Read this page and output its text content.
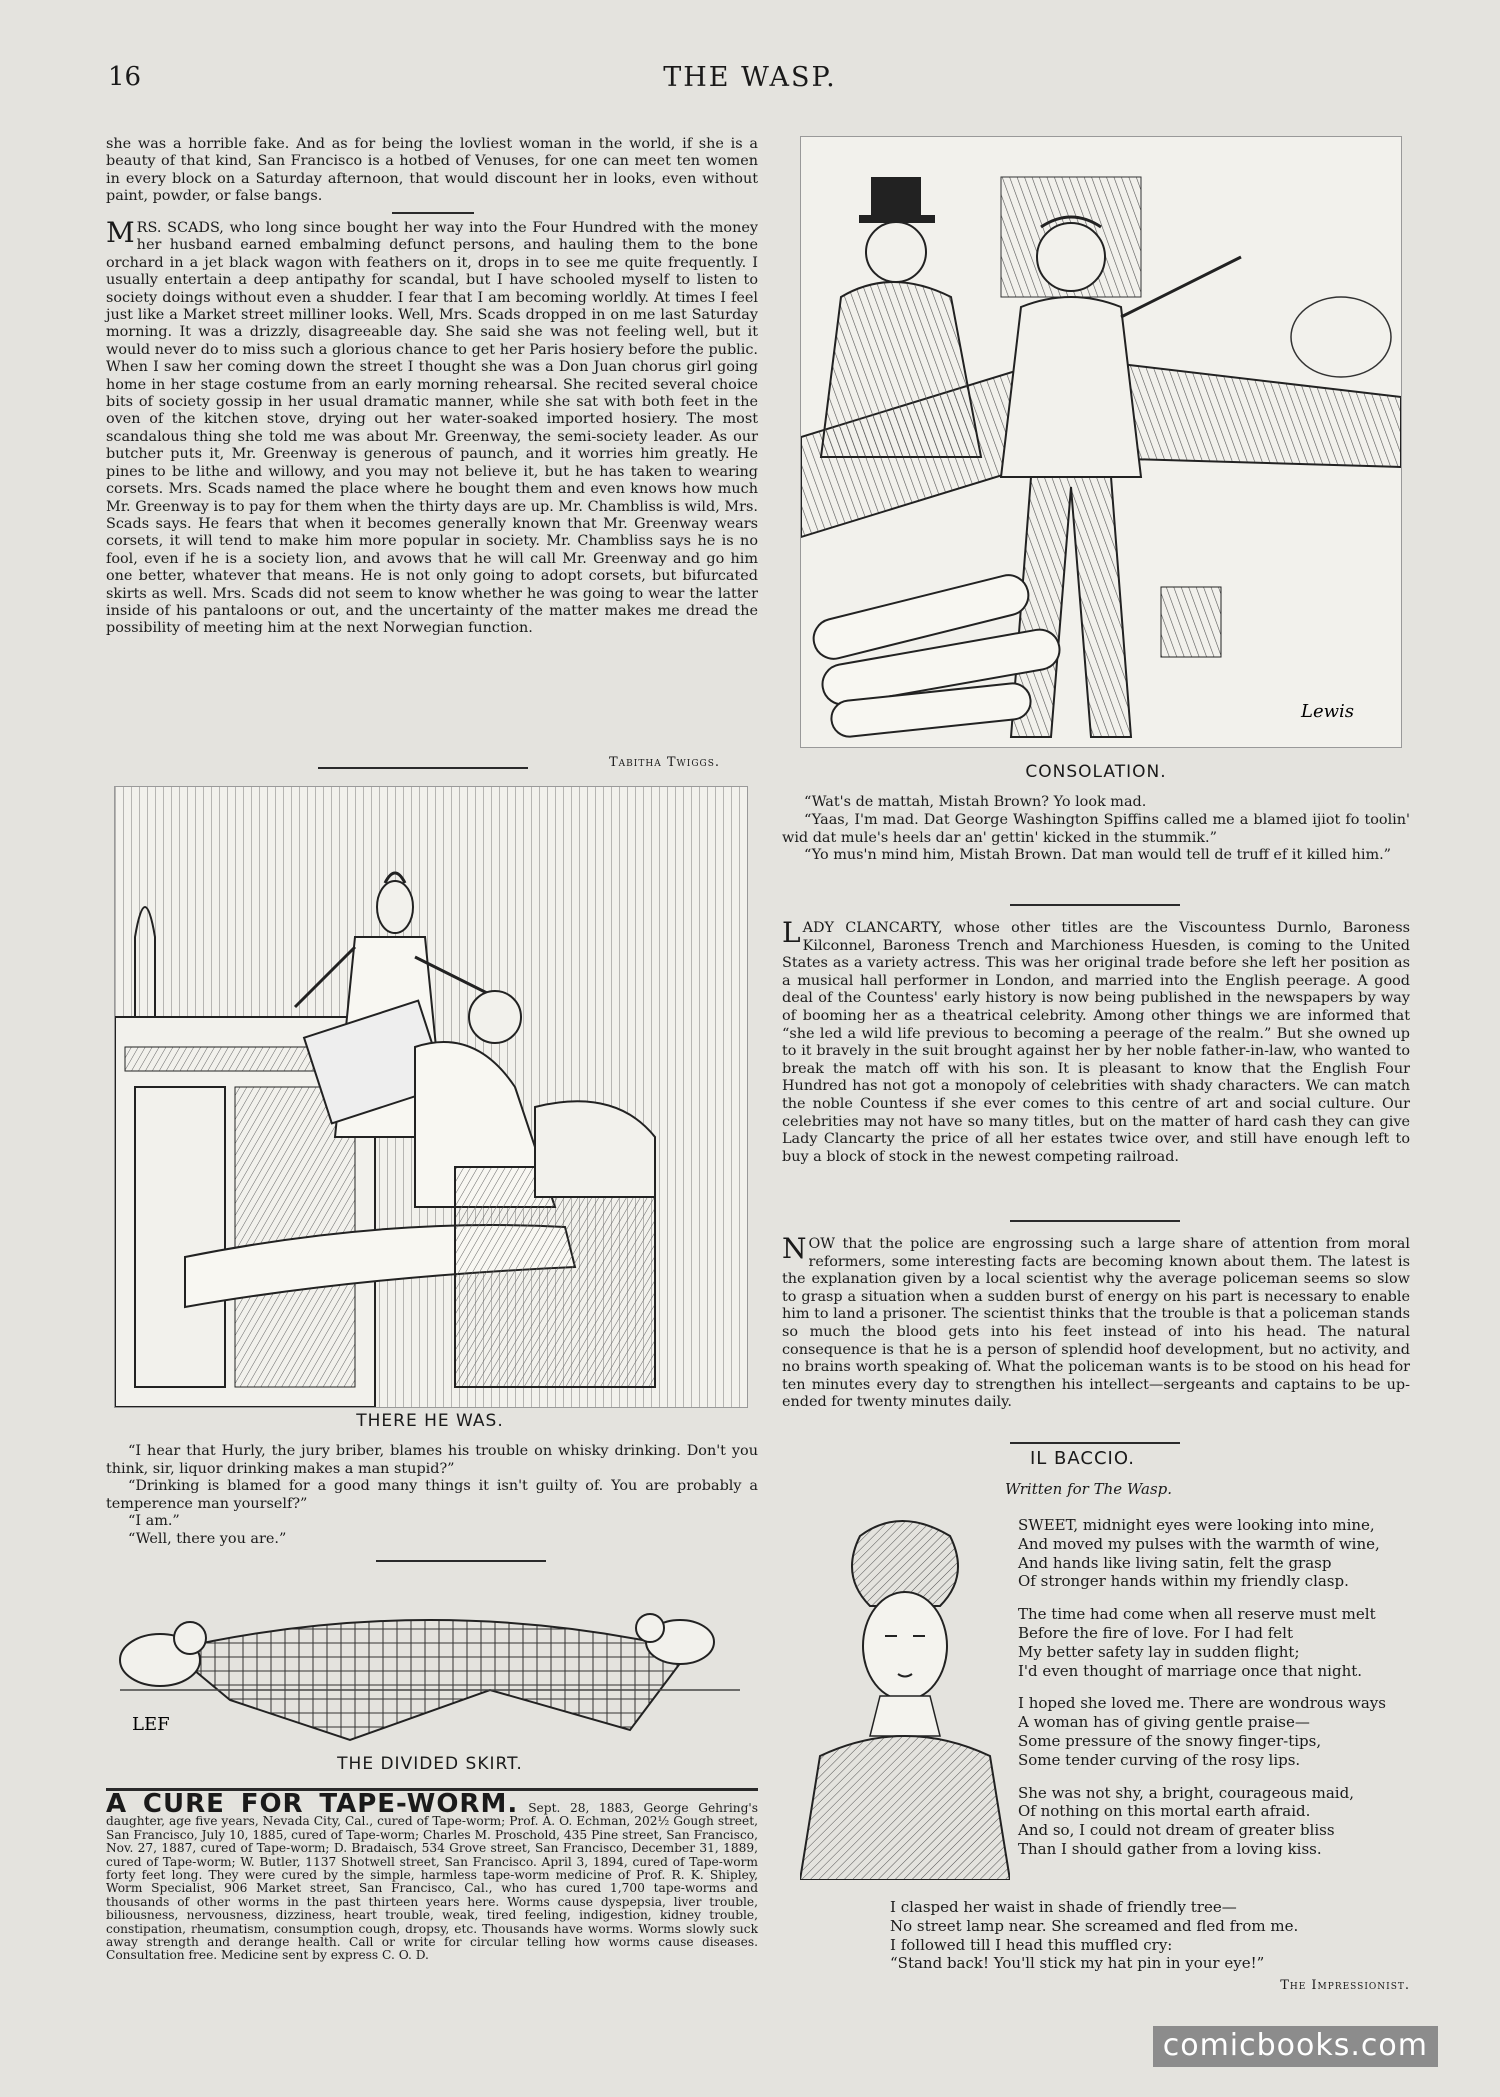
16	THE WASP.

she was a horrible fake. And as for being the lovliest woman in the world, if she is a beauty of that kind, San Francisco is a hotbed of Venuses, for one can meet ten women in every block on a Saturday afternoon, that would discount her in looks, even without paint, powder, or false bangs.

MRS. SCADS, who long since bought her way into the Four Hundred with the money her husband earned embalming defunct persons, and hauling them to the bone orchard in a jet black wagon with feathers on it, drops in to see me quite frequently. I usually entertain a deep antipathy for scandal, but I have schooled myself to listen to society doings without even a shudder. I fear that I am becoming worldly. At times I feel just like a Market street milliner looks. Well, Mrs. Scads dropped in on me last Saturday morning. It was a drizzly, disagreeable day. She said she was not feeling well, but it would never do to miss such a glorious chance to get her Paris hosiery before the public. When I saw her coming down the street I thought she was a Don Juan chorus girl going home in her stage costume from an early morning rehearsal. She recited several choice bits of society gossip in her usual dramatic manner, while she sat with both feet in the oven of the kitchen stove, drying out her water-soaked imported hosiery. The most scandalous thing she told me was about Mr. Greenway, the semi-society leader. As our butcher puts it, Mr. Greenway is generous of paunch, and it worries him greatly. He pines to be lithe and willowy, and you may not believe it, but he has taken to wearing corsets. Mrs. Scads named the place where he bought them and even knows how much Mr. Greenway is to pay for them when the thirty days are up. Mr. Chambliss is wild, Mrs. Scads says. He fears that when it becomes generally known that Mr. Greenway wears corsets, it will tend to make him more popular in society. Mr. Chambliss says he is no fool, even if he is a society lion, and avows that he will call Mr. Greenway and go him one better, whatever that means. He is not only going to adopt corsets, but bifurcated skirts as well. Mrs. Scads did not seem to know whether he was going to wear the latter inside of his pantaloons or out, and the uncertainty of the matter makes me dread the possibility of meeting him at the next Norwegian function.

Tabitha Twiggs.
THERE HE WAS.

“I hear that Hurly, the jury briber, blames his trouble on whisky drinking. Don't you think, sir, liquor drinking makes a man stupid?”

“Drinking is blamed for a good many things it isn't guilty of. You are probably a temperence man yourself?”

“I am.”

“Well, there you are.”

LEF
THE DIVIDED SKIRT.
A CURE FOR TAPE-WORM. Sept. 28, 1883, George Gehring's daughter, age five years, Nevada City, Cal., cured of Tape-worm; Prof. A. O. Echman, 202½ Gough street, San Francisco, July 10, 1885, cured of Tape-worm; Charles M. Proschold, 435 Pine street, San Francisco, Nov. 27, 1887, cured of Tape-worm; D. Bradaisch, 534 Grove street, San Francisco, December 31, 1889, cured of Tape-worm; W. Butler, 1137 Shotwell street, San Francisco. April 3, 1894, cured of Tape-worm forty feet long. They were cured by the simple, harmless tape-worm medicine of Prof. R. K. Shipley, Worm Specialist, 906 Market street, San Francisco, Cal., who has cured 1,700 tape-worms and thousands of other worms in the past thirteen years here. Worms cause dyspepsia, liver trouble, biliousness, nervousness, dizziness, heart trouble, weak, tired feeling, indigestion, kidney trouble, constipation, rheumatism, consumption cough, dropsy, etc. Thousands have worms. Worms slowly suck away strength and derange health. Call or write for circular telling how worms cause diseases. Consultation free. Medicine sent by express C. O. D.
Lewis
CONSOLATION.

“Wat's de mattah, Mistah Brown? Yo look mad.

“Yaas, I'm mad. Dat George Washington Spiffins called me a blamed ijiot fo toolin' wid dat mule's heels dar an' gettin' kicked in the stummik.”

“Yo mus'n mind him, Mistah Brown. Dat man would tell de truff ef it killed him.”

LADY CLANCARTY, whose other titles are the Viscountess Durnlo, Baroness Kilconnel, Baroness Trench and Marchioness Huesden, is coming to the United States as a variety actress. This was her original trade before she left her position as a musical hall performer in London, and married into the English peerage. A good deal of the Countess' early history is now being published in the newspapers by way of booming her as a theatrical celebrity. Among other things we are informed that “she led a wild life previous to becoming a peerage of the realm.” But she owned up to it bravely in the suit brought against her by her noble father-in-law, who wanted to break the match off with his son. It is pleasant to know that the English Four Hundred has not got a monopoly of celebrities with shady characters. We can match the noble Countess if she ever comes to this centre of art and social culture. Our celebrities may not have so many titles, but on the matter of hard cash they can give Lady Clancarty the price of all her estates twice over, and still have enough left to buy a block of stock in the newest competing railroad.

NOW that the police are engrossing such a large share of attention from moral reformers, some interesting facts are becoming known about them. The latest is the explanation given by a local scientist why the average policeman seems so slow to grasp a situation when a sudden burst of energy on his part is necessary to enable him to land a prisoner. The scientist thinks that the trouble is that a policeman stands so much the blood gets into his feet instead of into his head. The natural consequence is that he is a person of splendid hoof development, but no activity, and no brains worth speaking of. What the policeman wants is to be stood on his head for ten minutes every day to strengthen his intellect—sergeants and captains to be up-ended for twenty minutes daily.

IL BACCIO.
Written for The Wasp.

SWEET, midnight eyes were looking into mine,
And moved my pulses with the warmth of wine,
And hands like living satin, felt the grasp
Of stronger hands within my friendly clasp.

The time had come when all reserve must melt
Before the fire of love. For I had felt
My better safety lay in sudden flight;
I'd even thought of marriage once that night.

I hoped she loved me. There are wondrous ways
A woman has of giving gentle praise—
Some pressure of the snowy finger-tips,
Some tender curving of the rosy lips.

She was not shy, a bright, courageous maid,
Of nothing on this mortal earth afraid.
And so, I could not dream of greater bliss
Than I should gather from a loving kiss.

I clasped her waist in shade of friendly tree—
No street lamp near. She screamed and fled from me.
I followed till I head this muffled cry:
“Stand back! You'll stick my hat pin in your eye!”

The Impressionist.
comicbooks.com
